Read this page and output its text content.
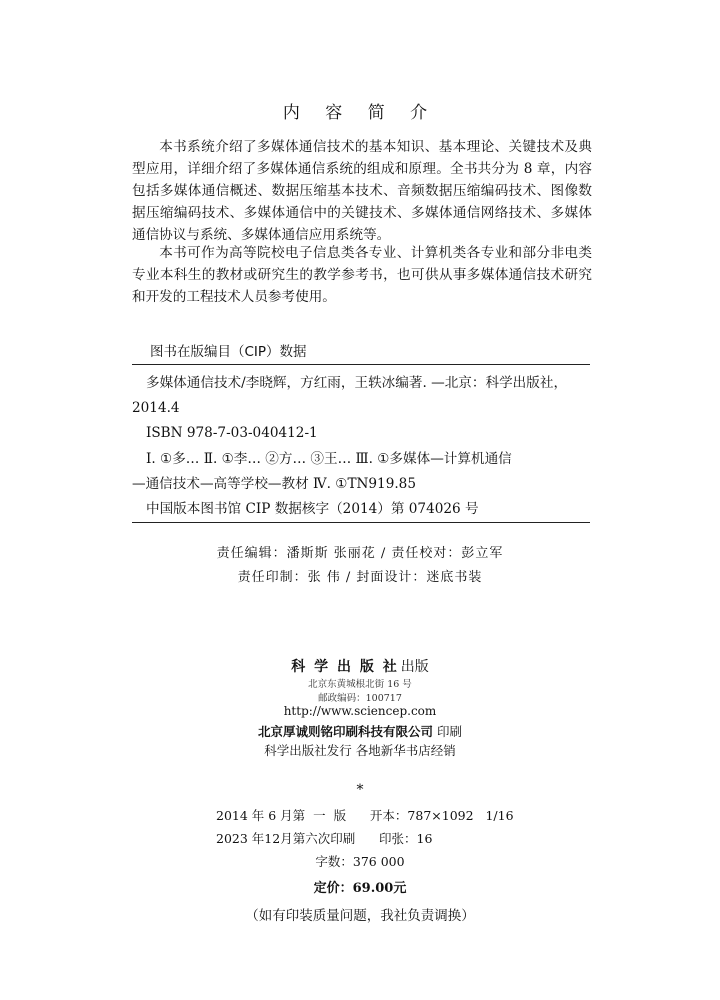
内 容 简 介
本书系统介绍了多媒体通信技术的基本知识、基本理论、关键技术及典型应用，详细介绍了多媒体通信系统的组成和原理。全书共分为 8 章，内容包括多媒体通信概述、数据压缩基本技术、音频数据压缩编码技术、图像数据压缩编码技术、多媒体通信中的关键技术、多媒体通信网络技术、多媒体通信协议与系统、多媒体通信应用系统等。
本书可作为高等院校电子信息类各专业、计算机类各专业和部分非电类专业本科生的教材或研究生的教学参考书，也可供从事多媒体通信技术研究和开发的工程技术人员参考使用。
图书在版编目（CIP）数据
多媒体通信技术/李晓辉，方红雨，王轶冰编著. —北京：科学出版社，
2014.4
ISBN 978-7-03-040412-1
Ⅰ. ①多… Ⅱ. ①李… ②方… ③王… Ⅲ. ①多媒体—计算机通信
—通信技术—高等学校—教材 Ⅳ. ①TN919.85
中国版本图书馆 CIP 数据核字（2014）第 074026 号
责任编辑：潘斯斯 张丽花 / 责任校对：彭立军
责任印制：张 伟 / 封面设计：迷底书装
科 学 出 版 社 出版
北京东黄城根北街 16 号
邮政编码：100717
http://www.sciencep.com
北京厚诚则铭印刷科技有限公司 印刷
科学出版社发行 各地新华书店经销
*
2014 年 6 月第  一  版      开本：787×1092   1/16
2023 年12月第六次印刷      印张：16
字数：376 000
定价：69.00元
（如有印装质量问题，我社负责调换）
